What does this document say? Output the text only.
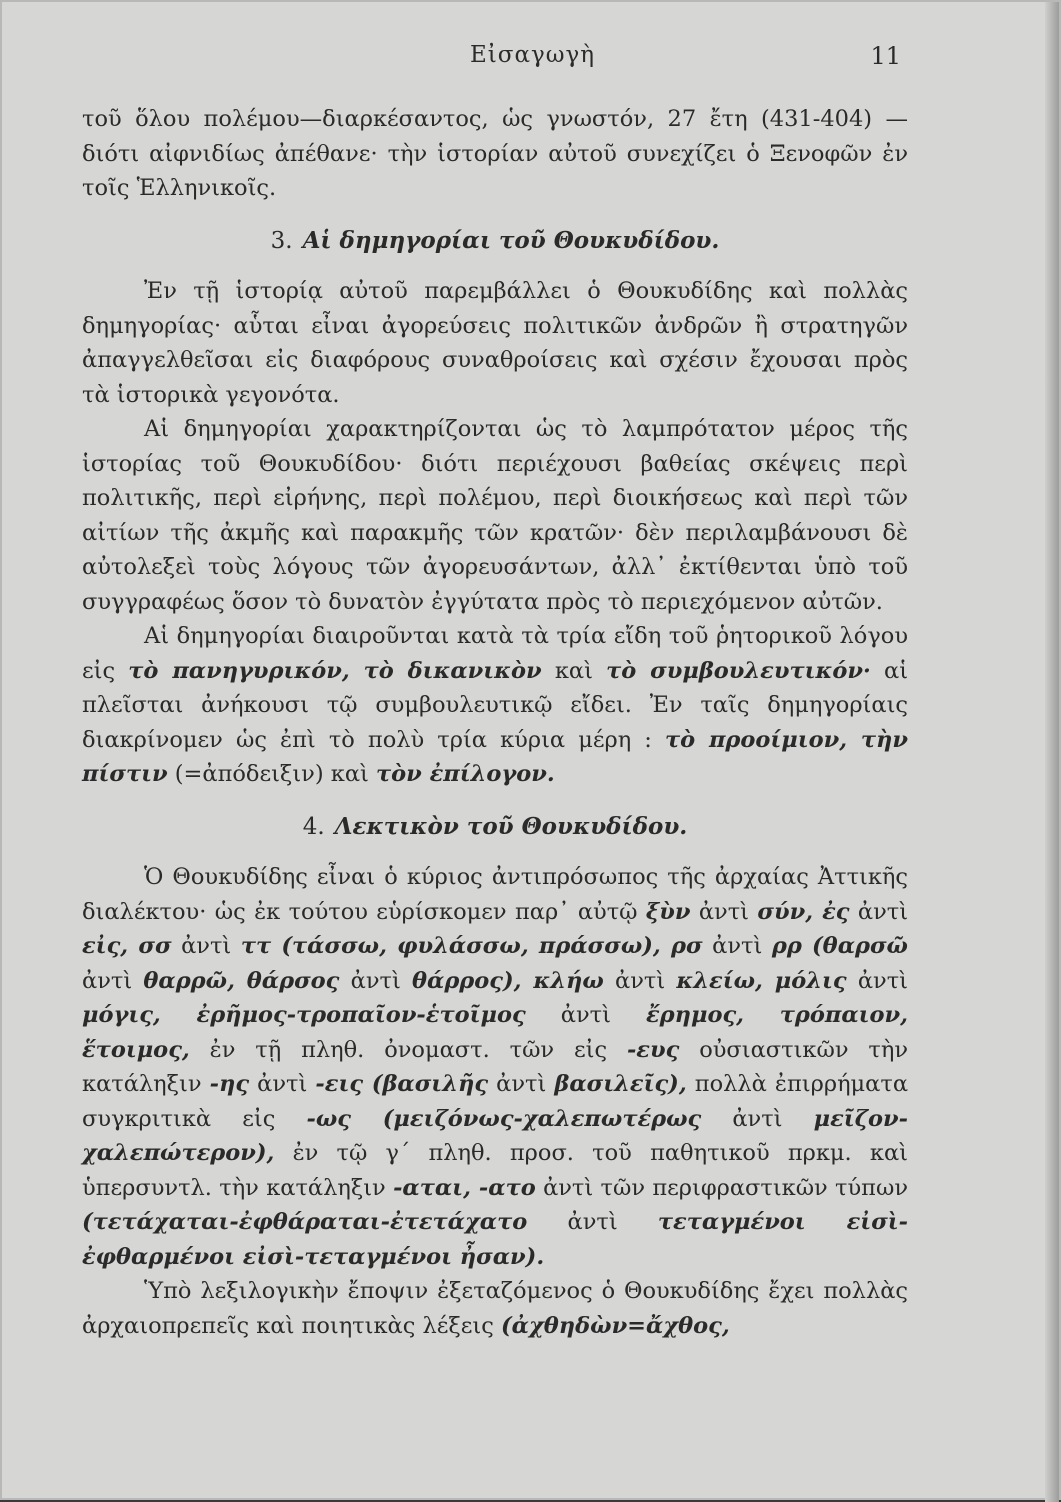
Εἰσαγωγὴ	11

τοῦ ὅλου πολέμου—διαρκέσαντος, ὡς γνωστόν, 27 ἔτη (431-404) —διότι αἰφνιδίως ἀπέθανε· τὴν ἱστορίαν αὐτοῦ συνεχίζει ὁ Ξενοφῶν ἐν τοῖς Ἑλληνικοῖς.

3. Αἱ δημηγορίαι τοῦ Θουκυδίδου.

Ἐν τῇ ἱστορίᾳ αὐτοῦ παρεμβάλλει ὁ Θουκυδίδης καὶ πολλὰς δημηγορίας· αὗται εἶναι ἀγορεύσεις πολιτικῶν ἀνδρῶν ἢ στρατηγῶν ἀπαγγελθεῖσαι εἰς διαφόρους συναθροίσεις καὶ σχέσιν ἔχουσαι πρὸς τὰ ἱστορικὰ γεγονότα.

Αἱ δημηγορίαι χαρακτηρίζονται ὡς τὸ λαμπρότατον μέρος τῆς ἱστορίας τοῦ Θουκυδίδου· διότι περιέχουσι βαθείας σκέψεις περὶ πολιτικῆς, περὶ εἰρήνης, περὶ πολέμου, περὶ διοικήσεως καὶ περὶ τῶν αἰτίων τῆς ἀκμῆς καὶ παρακμῆς τῶν κρατῶν· δὲν περιλαμβάνουσι δὲ αὐτολεξεὶ τοὺς λόγους τῶν ἀγορευσάντων, ἀλλ᾽ ἐκτίθενται ὑπὸ τοῦ συγγραφέως ὅσον τὸ δυνατὸν ἐγγύτατα πρὸς τὸ περιεχόμενον αὐτῶν.

Αἱ δημηγορίαι διαιροῦνται κατὰ τὰ τρία εἴδη τοῦ ῥητορικοῦ λόγου εἰς τὸ πανηγυρικόν, τὸ δικανικὸν καὶ τὸ συμβουλευτικόν· αἱ πλεῖσται ἀνήκουσι τῷ συμβουλευτικῷ εἴδει. Ἐν ταῖς δημηγορίαις διακρίνομεν ὡς ἐπὶ τὸ πολὺ τρία κύρια μέρη : τὸ προοίμιον, τὴν πίστιν (=ἀπόδειξιν) καὶ τὸν ἐπίλογον.

4. Λεκτικὸν τοῦ Θουκυδίδου.

Ὁ Θουκυδίδης εἶναι ὁ κύριος ἀντιπρόσωπος τῆς ἀρχαίας Ἀττικῆς διαλέκτου· ὡς ἐκ τούτου εὑρίσκομεν παρ᾽ αὐτῷ ξὺν ἀντὶ σύν, ἐς ἀντὶ εἰς, σσ ἀντὶ ττ (τάσσω, φυλάσσω, πράσσω), ρσ ἀντὶ ρρ (θαρσῶ ἀντὶ θαρρῶ, θάρσος ἀντὶ θάρρος), κλήω ἀντὶ κλείω, μόλις ἀντὶ μόγις, ἐρῆμος-τροπαῖον-ἑτοῖμος ἀντὶ ἔρημος, τρόπαιον, ἕτοιμος, ἐν τῇ πληθ. ὀνομαστ. τῶν εἰς -ευς οὐσιαστικῶν τὴν κατάληξιν -ης ἀντὶ -εις (βασιλῆς ἀντὶ βασιλεῖς), πολλὰ ἐπιρρήματα συγκριτικὰ εἰς -ως (μειζόνως-χαλεπωτέρως ἀντὶ μεῖζον-χαλεπώτερον), ἐν τῷ γ´ πληθ. προσ. τοῦ παθητικοῦ πρκμ. καὶ ὑπερσυντλ. τὴν κατάληξιν -αται, -ατο ἀντὶ τῶν περιφραστικῶν τύπων (τετάχαται-ἐφθάραται-ἐτετάχατο ἀντὶ τεταγμένοι εἰσὶ-ἐφθαρμένοι εἰσὶ-τεταγμένοι ἦσαν).

Ὑπὸ λεξιλογικὴν ἔποψιν ἐξεταζόμενος ὁ Θουκυδίδης ἔχει πολλὰς ἀρχαιοπρεπεῖς καὶ ποιητικὰς λέξεις (ἀχθηδὼν=ἄχθος,
